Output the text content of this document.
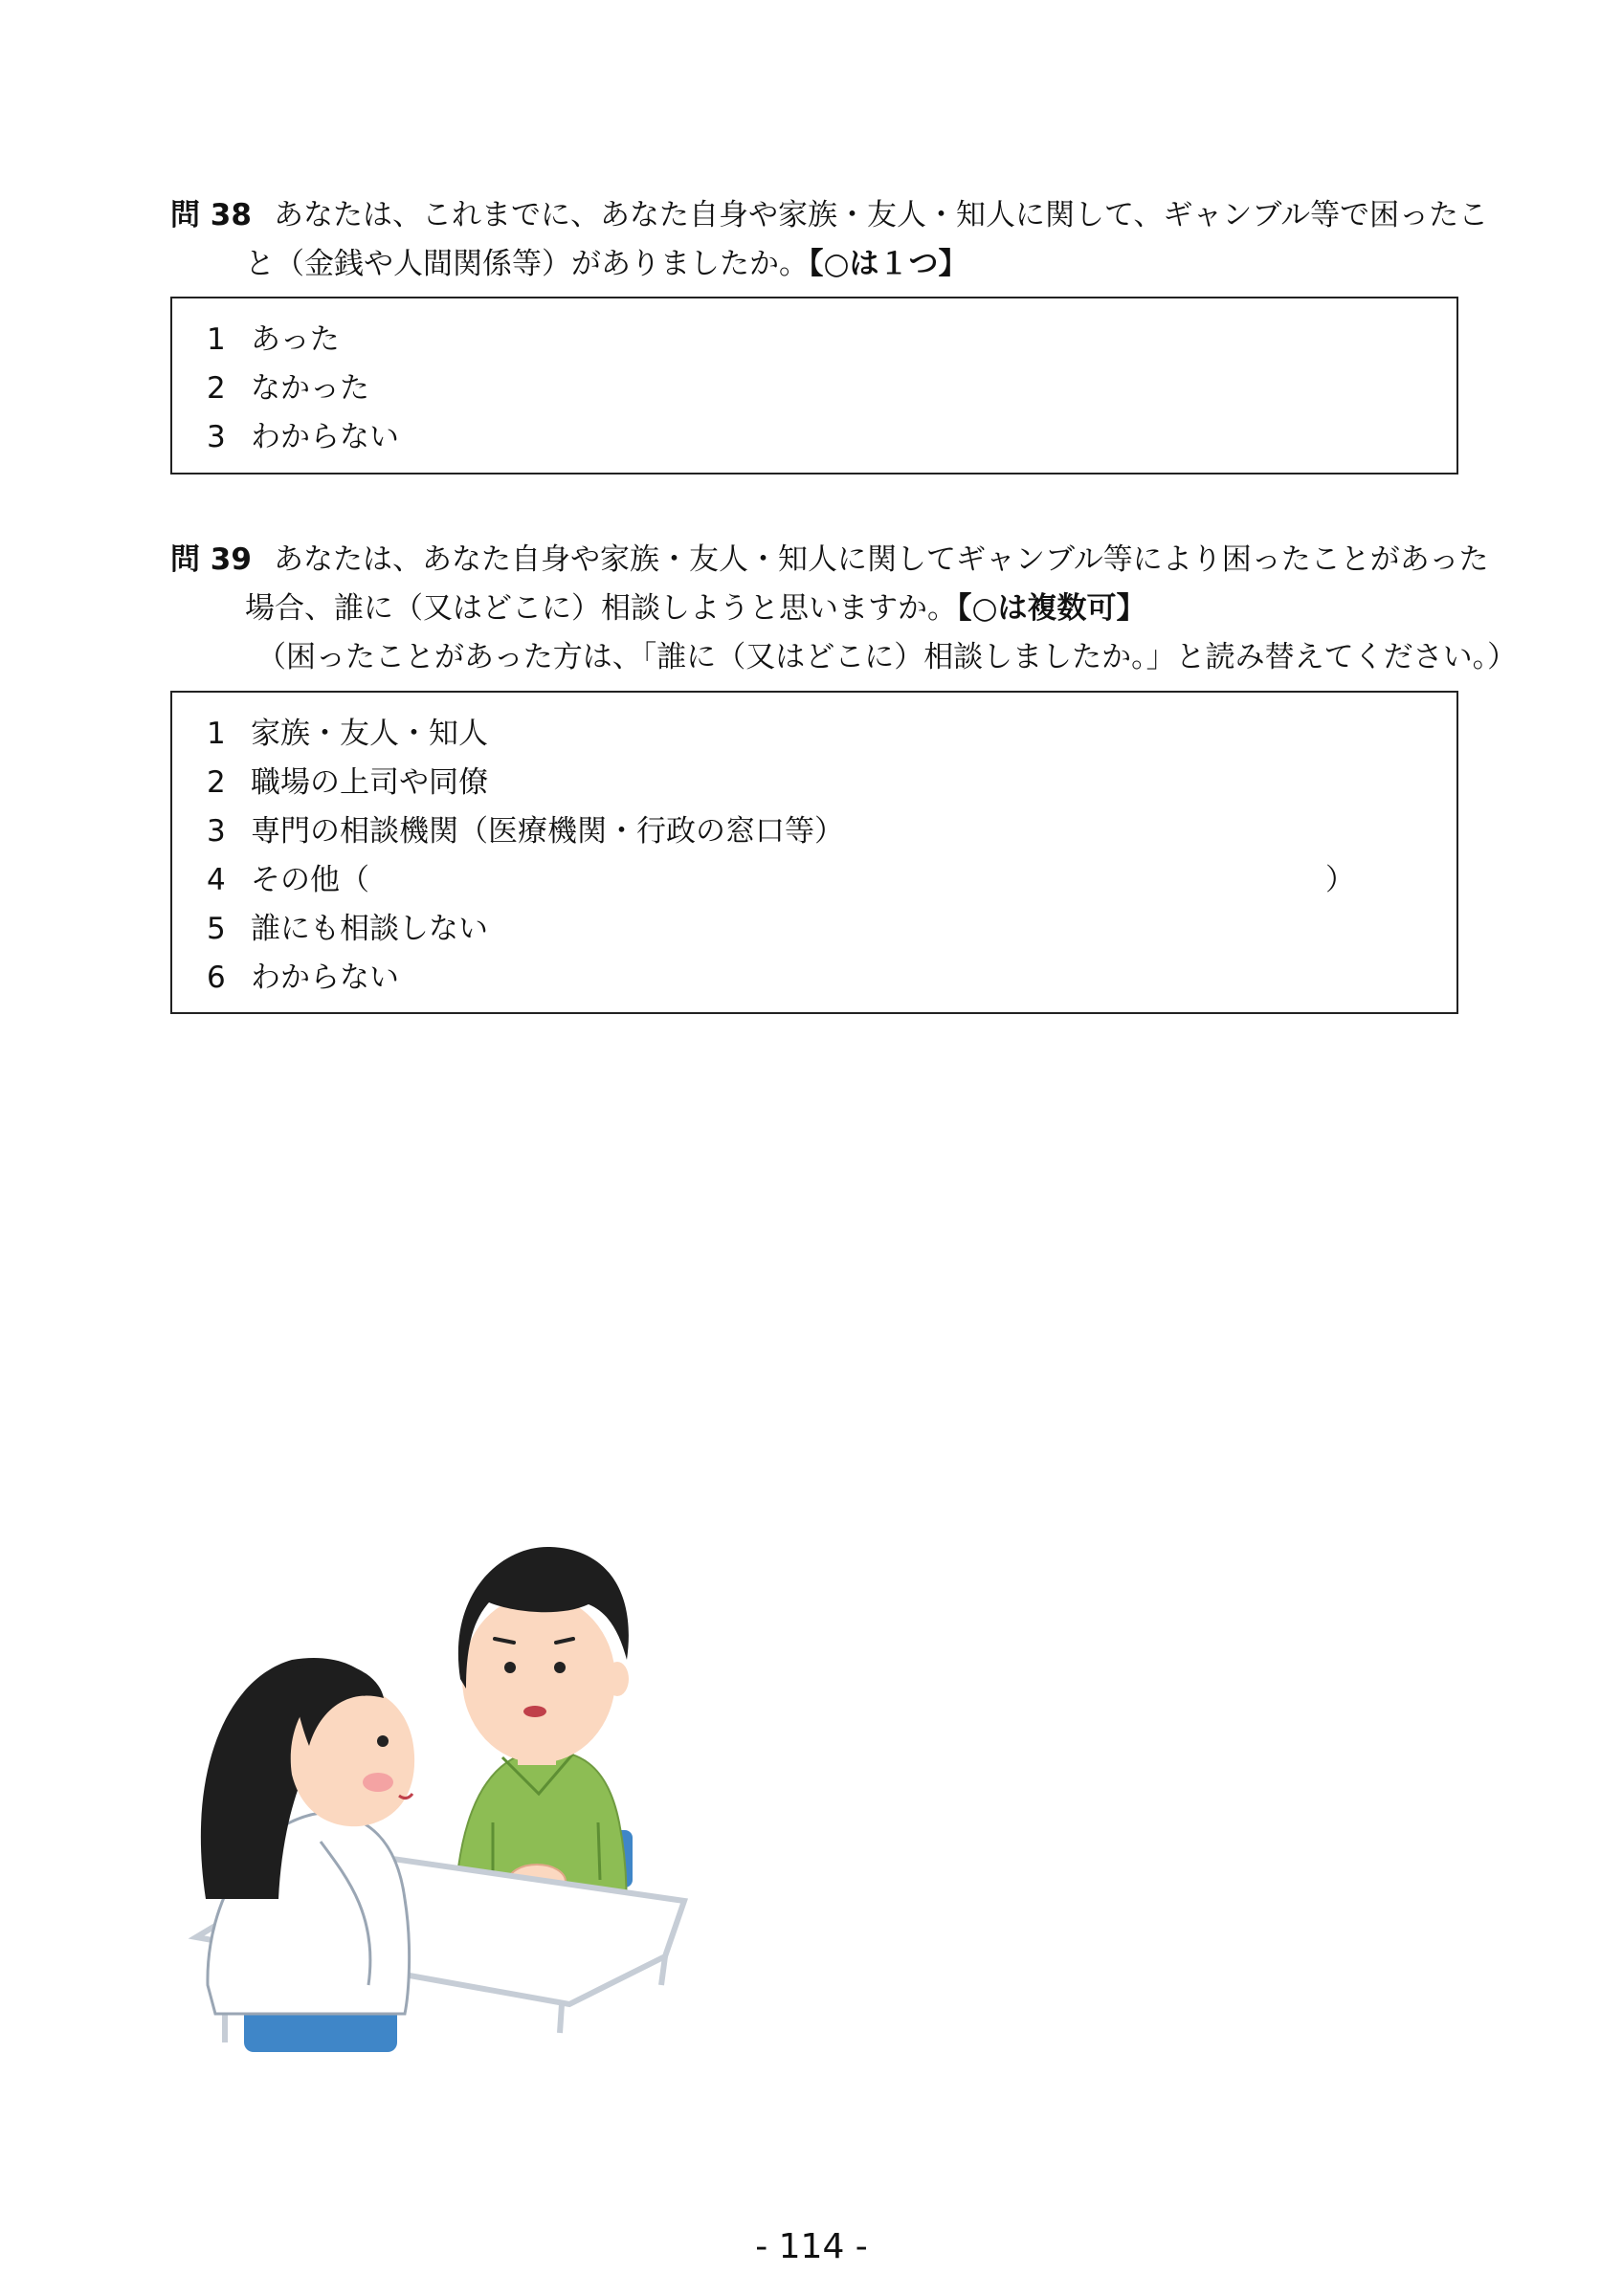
問 38 あなたは、これまでに、あなた自身や家族・友人・知人に関して、ギャンブル等で困ったこ
と（金銭や人間関係等）がありましたか。【○は１つ】
1 あった
2 なかった
3 わからない
問 39 あなたは、あなた自身や家族・友人・知人に関してギャンブル等により困ったことがあった
場合、誰に（又はどこに）相談しようと思いますか。【○は複数可】
（困ったことがあった方は、「誰に（又はどこに）相談しましたか。」と読み替えてください。）
1 家族・友人・知人
2 職場の上司や同僚
3 専門の相談機関（医療機関・行政の窓口等）
4 その他（	）
5 誰にも相談しない
6 わからない
- 114 -
